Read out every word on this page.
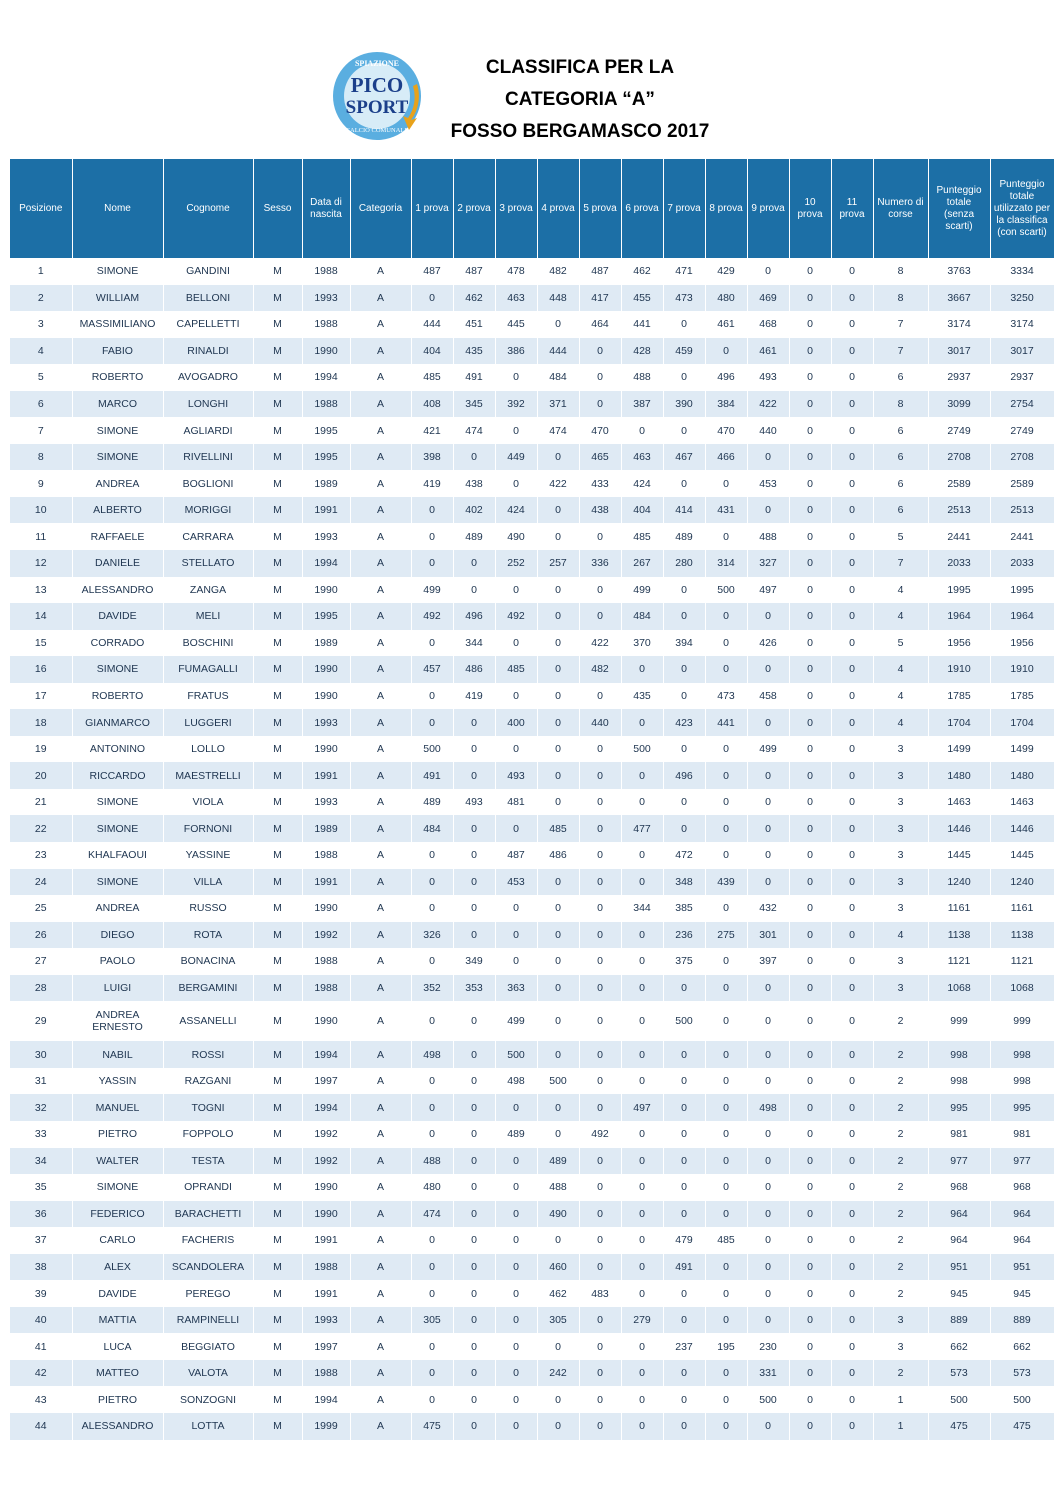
SPIAZIONE
PICO
SPORT
CALCIO COMUNALE
CLASSIFICA PER LA
CATEGORIA “A”
FOSSO BERGAMASCO 2017
Posizione	Nome	Cognome	Sesso	Data di nascita	Categoria	1 prova	2 prova	3 prova	4 prova	5 prova	6 prova	7 prova	8 prova	9 prova	10 prova	11 prova	Numero di corse	Punteggio totale (senza scarti)	Punteggio totale utilizzato per la classifica (con scarti)
1	SIMONE	GANDINI	M	1988	A	487	487	478	482	487	462	471	429	0	0	0	8	3763	3334
2	WILLIAM	BELLONI	M	1993	A	0	462	463	448	417	455	473	480	469	0	0	8	3667	3250
3	MASSIMILIANO	CAPELLETTI	M	1988	A	444	451	445	0	464	441	0	461	468	0	0	7	3174	3174
4	FABIO	RINALDI	M	1990	A	404	435	386	444	0	428	459	0	461	0	0	7	3017	3017
5	ROBERTO	AVOGADRO	M	1994	A	485	491	0	484	0	488	0	496	493	0	0	6	2937	2937
6	MARCO	LONGHI	M	1988	A	408	345	392	371	0	387	390	384	422	0	0	8	3099	2754
7	SIMONE	AGLIARDI	M	1995	A	421	474	0	474	470	0	0	470	440	0	0	6	2749	2749
8	SIMONE	RIVELLINI	M	1995	A	398	0	449	0	465	463	467	466	0	0	0	6	2708	2708
9	ANDREA	BOGLIONI	M	1989	A	419	438	0	422	433	424	0	0	453	0	0	6	2589	2589
10	ALBERTO	MORIGGI	M	1991	A	0	402	424	0	438	404	414	431	0	0	0	6	2513	2513
11	RAFFAELE	CARRARA	M	1993	A	0	489	490	0	0	485	489	0	488	0	0	5	2441	2441
12	DANIELE	STELLATO	M	1994	A	0	0	252	257	336	267	280	314	327	0	0	7	2033	2033
13	ALESSANDRO	ZANGA	M	1990	A	499	0	0	0	0	499	0	500	497	0	0	4	1995	1995
14	DAVIDE	MELI	M	1995	A	492	496	492	0	0	484	0	0	0	0	0	4	1964	1964
15	CORRADO	BOSCHINI	M	1989	A	0	344	0	0	422	370	394	0	426	0	0	5	1956	1956
16	SIMONE	FUMAGALLI	M	1990	A	457	486	485	0	482	0	0	0	0	0	0	4	1910	1910
17	ROBERTO	FRATUS	M	1990	A	0	419	0	0	0	435	0	473	458	0	0	4	1785	1785
18	GIANMARCO	LUGGERI	M	1993	A	0	0	400	0	440	0	423	441	0	0	0	4	1704	1704
19	ANTONINO	LOLLO	M	1990	A	500	0	0	0	0	500	0	0	499	0	0	3	1499	1499
20	RICCARDO	MAESTRELLI	M	1991	A	491	0	493	0	0	0	496	0	0	0	0	3	1480	1480
21	SIMONE	VIOLA	M	1993	A	489	493	481	0	0	0	0	0	0	0	0	3	1463	1463
22	SIMONE	FORNONI	M	1989	A	484	0	0	485	0	477	0	0	0	0	0	3	1446	1446
23	KHALFAOUI	YASSINE	M	1988	A	0	0	487	486	0	0	472	0	0	0	0	3	1445	1445
24	SIMONE	VILLA	M	1991	A	0	0	453	0	0	0	348	439	0	0	0	3	1240	1240
25	ANDREA	RUSSO	M	1990	A	0	0	0	0	0	344	385	0	432	0	0	3	1161	1161
26	DIEGO	ROTA	M	1992	A	326	0	0	0	0	0	236	275	301	0	0	4	1138	1138
27	PAOLO	BONACINA	M	1988	A	0	349	0	0	0	0	375	0	397	0	0	3	1121	1121
28	LUIGI	BERGAMINI	M	1988	A	352	353	363	0	0	0	0	0	0	0	0	3	1068	1068
29	ANDREA ERNESTO	ASSANELLI	M	1990	A	0	0	499	0	0	0	500	0	0	0	0	2	999	999
30	NABIL	ROSSI	M	1994	A	498	0	500	0	0	0	0	0	0	0	0	2	998	998
31	YASSIN	RAZGANI	M	1997	A	0	0	498	500	0	0	0	0	0	0	0	2	998	998
32	MANUEL	TOGNI	M	1994	A	0	0	0	0	0	497	0	0	498	0	0	2	995	995
33	PIETRO	FOPPOLO	M	1992	A	0	0	489	0	492	0	0	0	0	0	0	2	981	981
34	WALTER	TESTA	M	1992	A	488	0	0	489	0	0	0	0	0	0	0	2	977	977
35	SIMONE	OPRANDI	M	1990	A	480	0	0	488	0	0	0	0	0	0	0	2	968	968
36	FEDERICO	BARACHETTI	M	1990	A	474	0	0	490	0	0	0	0	0	0	0	2	964	964
37	CARLO	FACHERIS	M	1991	A	0	0	0	0	0	0	479	485	0	0	0	2	964	964
38	ALEX	SCANDOLERA	M	1988	A	0	0	0	460	0	0	491	0	0	0	0	2	951	951
39	DAVIDE	PEREGO	M	1991	A	0	0	0	462	483	0	0	0	0	0	0	2	945	945
40	MATTIA	RAMPINELLI	M	1993	A	305	0	0	305	0	279	0	0	0	0	0	3	889	889
41	LUCA	BEGGIATO	M	1997	A	0	0	0	0	0	0	237	195	230	0	0	3	662	662
42	MATTEO	VALOTA	M	1988	A	0	0	0	242	0	0	0	0	331	0	0	2	573	573
43	PIETRO	SONZOGNI	M	1994	A	0	0	0	0	0	0	0	0	500	0	0	1	500	500
44	ALESSANDRO	LOTTA	M	1999	A	475	0	0	0	0	0	0	0	0	0	0	1	475	475
